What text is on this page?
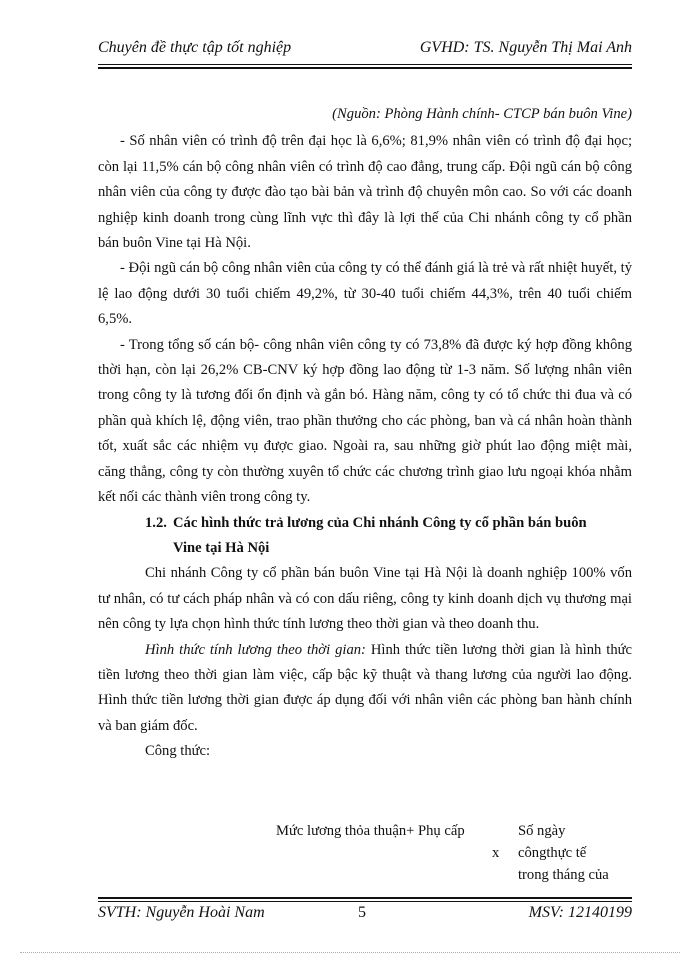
Chuyên đề thực tập tốt nghiệp	GVHD: TS. Nguyễn Thị Mai Anh

(Nguồn: Phòng Hành chính- CTCP bán buôn Vine)

- Số nhân viên có trình độ trên đại học là 6,6%; 81,9% nhân viên có trình độ đại học; còn lại 11,5% cán bộ công nhân viên có trình độ cao đẳng, trung cấp. Đội ngũ cán bộ công nhân viên của công ty được đào tạo bài bản và trình độ chuyên môn cao. So với các doanh nghiệp kinh doanh trong cùng lĩnh vực thì đây là lợi thế của Chi nhánh công ty cổ phần bán buôn Vine tại Hà Nội.

- Đội ngũ cán bộ công nhân viên của công ty có thể đánh giá là trẻ và rất nhiệt huyết, tỷ lệ lao động dưới 30 tuổi chiếm 49,2%, từ 30-40 tuổi chiếm 44,3%, trên 40 tuổi chiếm 6,5%.

- Trong tổng số cán bộ- công nhân viên công ty có 73,8% đã được ký hợp đồng không thời hạn, còn lại 26,2% CB-CNV ký hợp đồng lao động từ 1-3 năm. Số lượng nhân viên trong công ty là tương đối ổn định và gắn bó. Hàng năm, công ty có tổ chức thi đua và có phần quà khích lệ, động viên, trao phần thưởng cho các phòng, ban và cá nhân hoàn thành tốt, xuất sắc các nhiệm vụ được giao. Ngoài ra, sau những giờ phút lao động miệt mài, căng thẳng, công ty còn thường xuyên tổ chức các chương trình giao lưu ngoại khóa nhằm kết nối các thành viên trong công ty.

1.2. Các hình thức trả lương của Chi nhánh Công ty cổ phần bán buôn
Vine tại Hà Nội

Chi nhánh Công ty cổ phần bán buôn Vine tại Hà Nội là doanh nghiệp 100% vốn tư nhân, có tư cách pháp nhân và có con dấu riêng, công ty kinh doanh dịch vụ thương mại nên công ty lựa chọn hình thức tính lương theo thời gian và theo doanh thu.

Hình thức tính lương theo thời gian: Hình thức tiền lương thời gian là hình thức tiền lương theo thời gian làm việc, cấp bậc kỹ thuật và thang lương của người lao động. Hình thức tiền lương thời gian được áp dụng đối với nhân viên các phòng ban hành chính và ban giám đốc.

Công thức:

Mức lương thỏa thuận+ Phụ cấp
x
Số ngày
côngthực tế
trong tháng của
SVTH: Nguyễn Hoài Nam	5	MSV: 12140199
